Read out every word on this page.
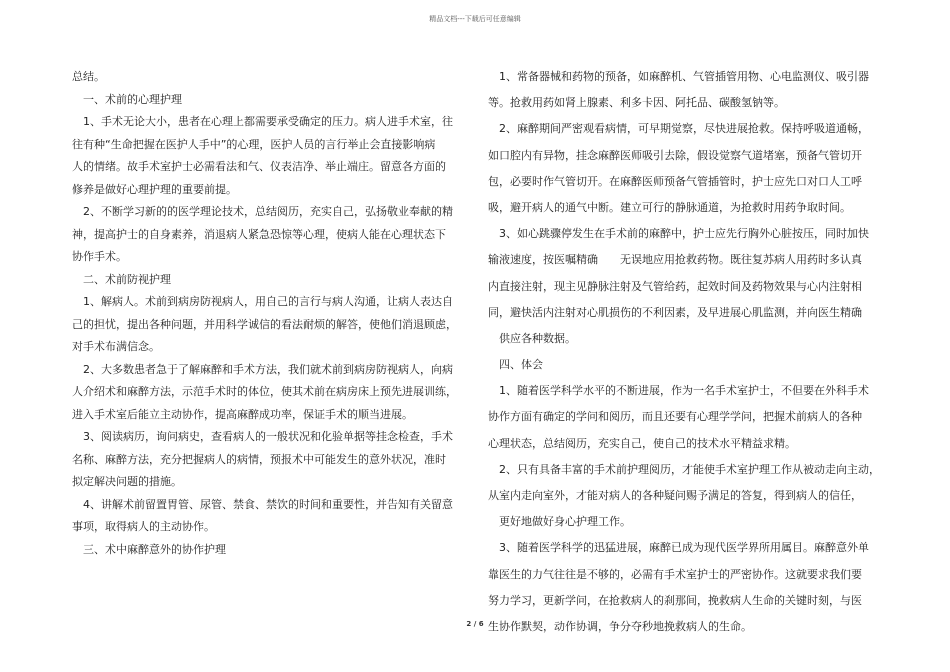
精品文档---下载后可任意编辑
总结。
　一、术前的心理护理
　1、手术无论大小，患者在心理上都需要承受确定的压力。病人进手术室，往
往有种“生命把握在医护人手中”的心理，医护人员的言行举止会直接影响病
人的情绪。故手术室护士必需看法和气、仪表洁净、举止端庄。留意各方面的
修养是做好心理护理的重要前提。
　2、不断学习新的的医学理论技术，总结阅历，充实自己，弘扬敬业奉献的精
神，提高护士的自身素养，消退病人紧急恐惊等心理，使病人能在心理状态下
协作手术。
　二、术前防视护理
　1、解病人。术前到病房防视病人，用自己的言行与病人沟通，让病人表达自
己的担忧，提出各种问题，并用科学诚信的看法耐烦的解答，使他们消退顾虑，
对手术布满信念。
　2、大多数患者急于了解麻醉和手术方法，我们就术前到病房防视病人，向病
人介绍术和麻醉方法，示范手术时的体位，使其术前在病房床上预先进展训练，
进入手术室后能立主动协作，提高麻醉成功率，保证手术的顺当进展。
　3、阅读病历，询问病史，查看病人的一般状况和化验单据等挂念检查，手术
名称、麻醉方法，充分把握病人的病情，预报术中可能发生的意外状况，准时
拟定解决问题的措施。
　4、讲解术前留置胃管、尿管、禁食、禁饮的时间和重要性，并告知有关留意
事项，取得病人的主动协作。
　三、术中麻醉意外的协作护理
　1、常备器械和药物的预备，如麻醉机、气管插管用物、心电监测仪、吸引器
等。抢救用药如肾上腺素、利多卡因、阿托品、碳酸氢钠等。
　2、麻醉期间严密观看病情，可早期觉察，尽快进展抢救。保持呼吸道通畅，
如口腔内有异物，挂念麻醉医师吸引去除，假设觉察气道堵塞，预备气管切开
包，必要时作气管切开。在麻醉医师预备气管插管时，护士应先口对口人工呼
吸，避开病人的通气中断。建立可行的静脉通道，为抢救时用药争取时间。
　3、如心跳骤停发生在手术前的麻醉中，护士应先行胸外心脏按压，同时加快
输液速度，按医嘱精确　　无误地应用抢救药物。既往复苏病人用药时多认真
内直接注射，现主见静脉注射及气管给药，起效时间及药物效果与心内注射相
同，避快活内注射对心肌损伤的不利因素，及早进展心肌监测，并向医生精确
　供应各种数据。
　四、体会
　1、随着医学科学水平的不断进展，作为一名手术室护士，不但要在外科手术
协作方面有确定的学问和阅历，而且还要有心理学学问，把握术前病人的各种
心理状态，总结阅历，充实自己，使自己的技术水平精益求精。
　2、只有具备丰富的手术前护理阅历，才能使手术室护理工作从被动走向主动，
从室内走向室外，才能对病人的各种疑问赐予满足的答复，得到病人的信任，
　更好地做好身心护理工作。
　3、随着医学科学的迅猛进展，麻醉已成为现代医学界所用属目。麻醉意外单
靠医生的力气往往是不够的，必需有手术室护士的严密协作。这就要求我们要
努力学习，更新学问，在抢救病人的刹那间，挽救病人生命的关键时刻，与医
生协作默契，动作协调，争分夺秒地挽救病人的生命。
2 / 6
